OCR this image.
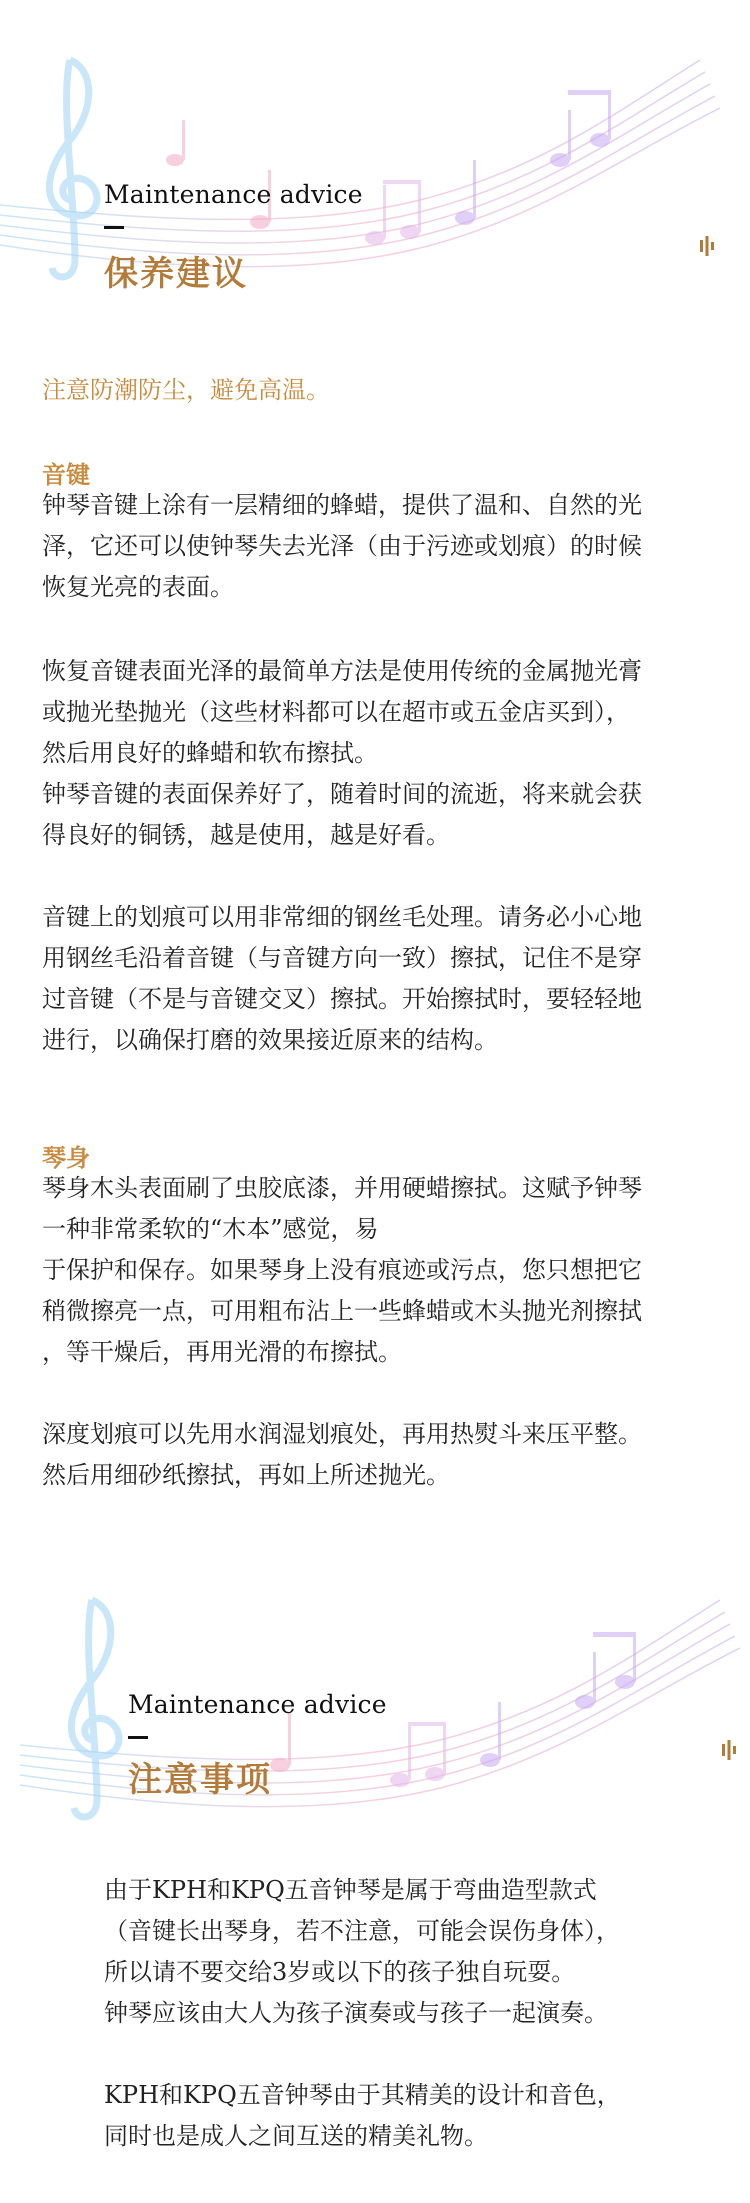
Maintenance advice
保养建议
注意防潮防尘，避免高温。
音键

钟琴音键上涂有一层精细的蜂蜡，提供了温和、自然的光
泽，它还可以使钟琴失去光泽（由于污迹或划痕）的时候
恢复光亮的表面。

恢复音键表面光泽的最简单方法是使用传统的金属抛光膏
或抛光垫抛光（这些材料都可以在超市或五金店买到），
然后用良好的蜂蜡和软布擦拭。
钟琴音键的表面保养好了，随着时间的流逝，将来就会获
得良好的铜锈，越是使用，越是好看。

音键上的划痕可以用非常细的钢丝毛处理。请务必小心地
用钢丝毛沿着音键（与音键方向一致）擦拭，记住不是穿
过音键（不是与音键交叉）擦拭。开始擦拭时，要轻轻地
进行，以确保打磨的效果接近原来的结构。

琴身

琴身木头表面刷了虫胶底漆，并用硬蜡擦拭。这赋予钟琴
一种非常柔软的“木本”感觉，易
于保护和保存。如果琴身上没有痕迹或污点，您只想把它
稍微擦亮一点，可用粗布沾上一些蜂蜡或木头抛光剂擦拭
，等干燥后，再用光滑的布擦拭。

深度划痕可以先用水润湿划痕处，再用热熨斗来压平整。
然后用细砂纸擦拭，再如上所述抛光。

Maintenance advice
注意事项

由于KPH和KPQ五音钟琴是属于弯曲造型款式
（音键长出琴身，若不注意，可能会误伤身体），
所以请不要交给3岁或以下的孩子独自玩耍。
钟琴应该由大人为孩子演奏或与孩子一起演奏。

KPH和KPQ五音钟琴由于其精美的设计和音色，
同时也是成人之间互送的精美礼物。
